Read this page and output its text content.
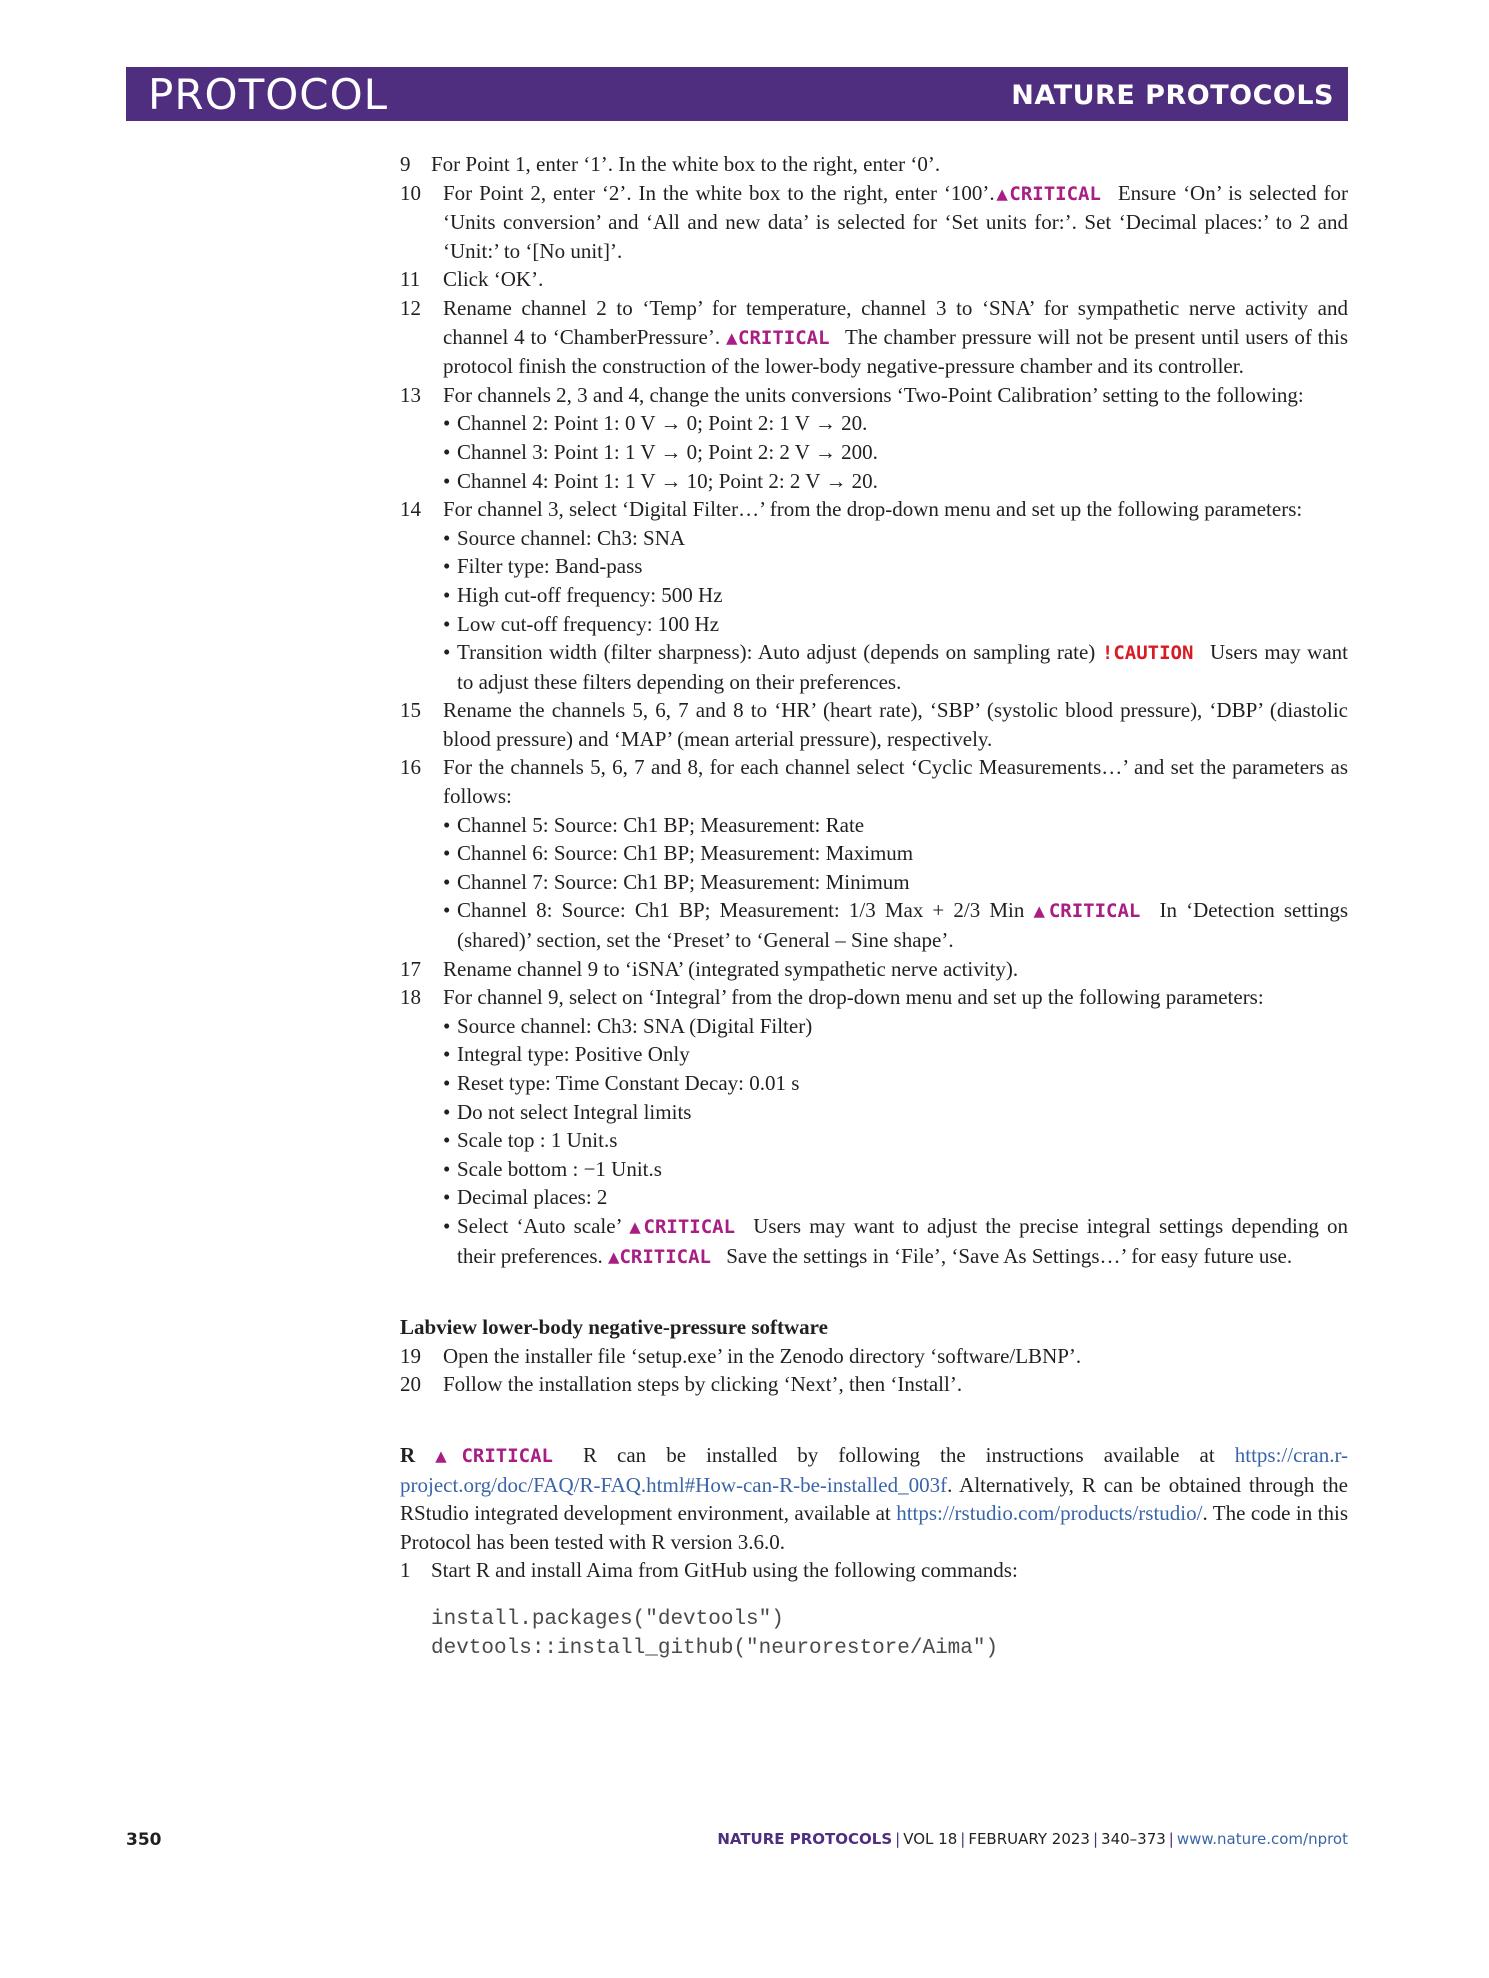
PROTOCOL	NATURE PROTOCOLS
9 For Point 1, enter ‘1’. In the white box to the right, enter ‘0’.
10 For Point 2, enter ‘2’. In the white box to the right, enter ‘100’.▲CRITICAL Ensure ‘On’ is selected for ‘Units conversion’ and ‘All and new data’ is selected for ‘Set units for:’. Set ‘Decimal places:’ to 2 and ‘Unit:’ to ‘[No unit]’.
11 Click ‘OK’.
12 Rename channel 2 to ‘Temp’ for temperature, channel 3 to ‘SNA’ for sympathetic nerve activity and channel 4 to ‘ChamberPressure’. ▲CRITICAL The chamber pressure will not be present until users of this protocol finish the construction of the lower-body negative-pressure chamber and its controller.
13 For channels 2, 3 and 4, change the units conversions ‘Two-Point Calibration’ setting to the following:
• Channel 2: Point 1: 0 V → 0; Point 2: 1 V → 20.
• Channel 3: Point 1: 1 V → 0; Point 2: 2 V → 200.
• Channel 4: Point 1: 1 V → 10; Point 2: 2 V → 20.
14 For channel 3, select ‘Digital Filter…’ from the drop-down menu and set up the following parameters:
• Source channel: Ch3: SNA
• Filter type: Band-pass
• High cut-off frequency: 500 Hz
• Low cut-off frequency: 100 Hz
• Transition width (filter sharpness): Auto adjust (depends on sampling rate) !CAUTION Users may want to adjust these filters depending on their preferences.
15 Rename the channels 5, 6, 7 and 8 to ‘HR’ (heart rate), ‘SBP’ (systolic blood pressure), ‘DBP’ (diastolic blood pressure) and ‘MAP’ (mean arterial pressure), respectively.
16 For the channels 5, 6, 7 and 8, for each channel select ‘Cyclic Measurements…’ and set the parameters as follows:
• Channel 5: Source: Ch1 BP; Measurement: Rate
• Channel 6: Source: Ch1 BP; Measurement: Maximum
• Channel 7: Source: Ch1 BP; Measurement: Minimum
• Channel 8: Source: Ch1 BP; Measurement: 1/3 Max + 2/3 Min ▲CRITICAL In ‘Detection settings (shared)’ section, set the ‘Preset’ to ‘General – Sine shape’.
17 Rename channel 9 to ‘iSNA’ (integrated sympathetic nerve activity).
18 For channel 9, select on ‘Integral’ from the drop-down menu and set up the following parameters:
• Source channel: Ch3: SNA (Digital Filter)
• Integral type: Positive Only
• Reset type: Time Constant Decay: 0.01 s
• Do not select Integral limits
• Scale top : 1 Unit.s
• Scale bottom : −1 Unit.s
• Decimal places: 2
• Select ‘Auto scale’ ▲CRITICAL Users may want to adjust the precise integral settings depending on their preferences. ▲CRITICAL Save the settings in ‘File’, ‘Save As Settings…’ for easy future use.
Labview lower-body negative-pressure software
19 Open the installer file ‘setup.exe’ in the Zenodo directory ‘software/LBNP’.
20 Follow the installation steps by clicking ‘Next’, then ‘Install’.
R ▲CRITICAL R can be installed by following the instructions available at https://cran.r-project.org/doc/FAQ/R-FAQ.html#How-can-R-be-installed_003f. Alternatively, R can be obtained through the RStudio integrated development environment, available at https://rstudio.com/products/rstudio/. The code in this Protocol has been tested with R version 3.6.0.
1 Start R and install Aima from GitHub using the following commands:
install.packages("devtools")
devtools::install_github("neurorestore/Aima")
350	NATURE PROTOCOLS | VOL 18 | FEBRUARY 2023 | 340–373 | www.nature.com/nprot
